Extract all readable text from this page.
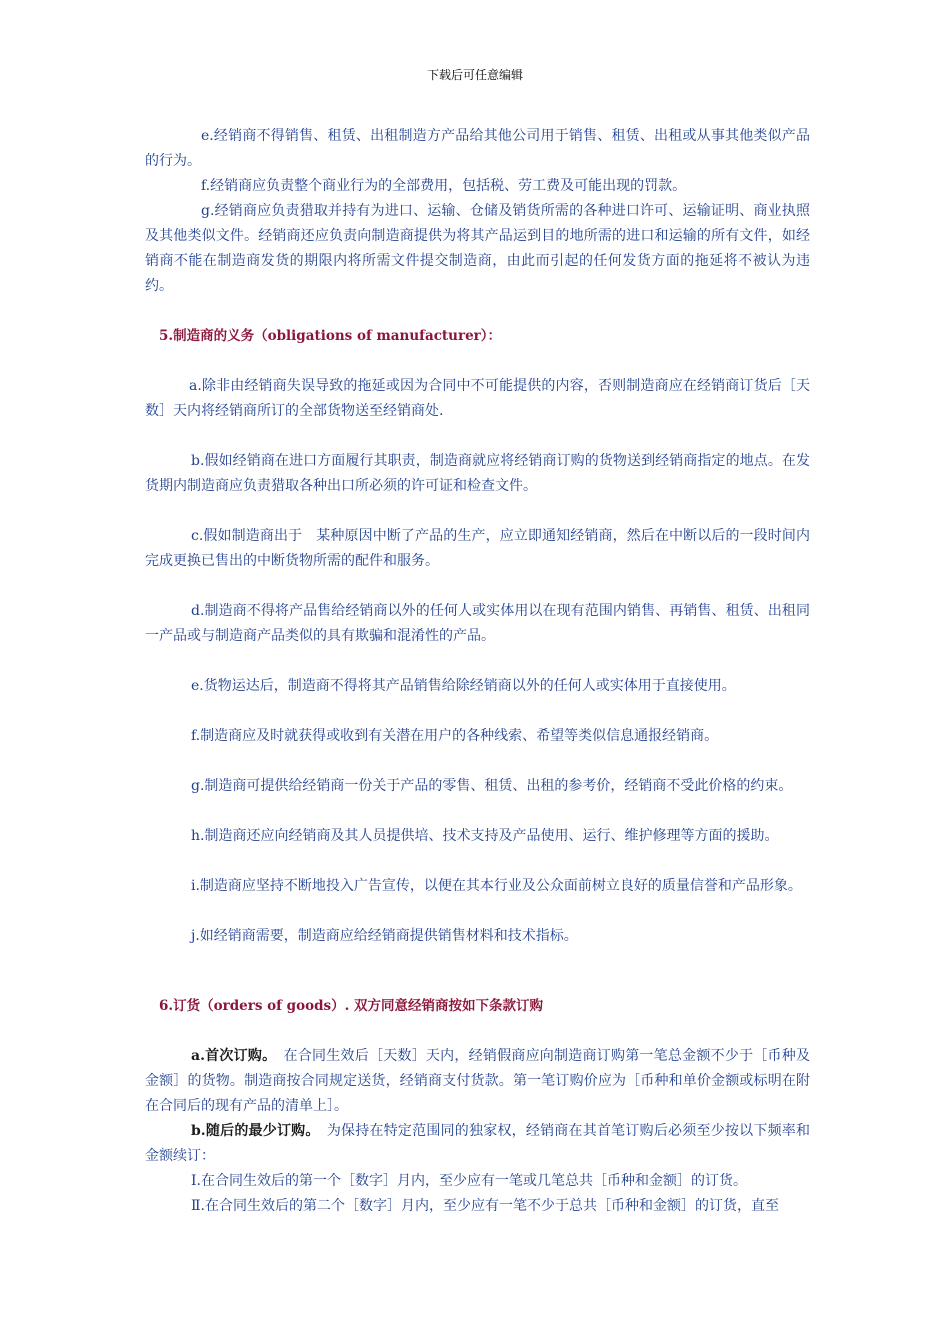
下载后可任意编辑

e.经销商不得销售、租赁、出租制造方产品给其他公司用于销售、租赁、出租或从事其他类似产品的行为。

f.经销商应负责整个商业行为的全部费用，包括税、劳工费及可能出现的罚款。

g.经销商应负责猎取并持有为进口、运输、仓储及销货所需的各种进口许可、运输证明、商业执照及其他类似文件。经销商还应负责向制造商提供为将其产品运到目的地所需的进口和运输的所有文件，如经销商不能在制造商发货的期限内将所需文件提交制造商，由此而引起的任何发货方面的拖延将不被认为违约。

5.制造商的义务（obligations of manufacturer）：

a.除非由经销商失误导致的拖延或因为合同中不可能提供的内容，否则制造商应在经销商订货后［天数］天内将经销商所订的全部货物送至经销商处.

b.假如经销商在进口方面履行其职责，制造商就应将经销商订购的货物送到经销商指定的地点。在发货期内制造商应负责猎取各种出口所必须的许可证和检查文件。

c.假如制造商出于　某种原因中断了产品的生产，应立即通知经销商，然后在中断以后的一段时间内完成更换已售出的中断货物所需的配件和服务。

d.制造商不得将产品售给经销商以外的任何人或实体用以在现有范围内销售、再销售、租赁、出租同一产品或与制造商产品类似的具有欺骗和混淆性的产品。

e.货物运达后，制造商不得将其产品销售给除经销商以外的任何人或实体用于直接使用。

f.制造商应及时就获得或收到有关潜在用户的各种线索、希望等类似信息通报经销商。

g.制造商可提供给经销商一份关于产品的零售、租赁、出租的参考价，经销商不受此价格的约束。

h.制造商还应向经销商及其人员提供培、技术支持及产品使用、运行、维护修理等方面的援助。

i.制造商应坚持不断地投入广告宣传，以便在其本行业及公众面前树立良好的质量信誉和产品形象。

j.如经销商需要，制造商应给经销商提供销售材料和技术指标。

6.订货（orders of goods）. 双方同意经销商按如下条款订购

a.首次订购。　在合同生效后［天数］天内，经销假商应向制造商订购第一笔总金额不少于［币种及金额］的货物。制造商按合同规定送货，经销商支付货款。第一笔订购价应为［币种和单价金额或标明在附在合同后的现有产品的清单上］。

b.随后的最少订购。　为保持在特定范围同的独家权，经销商在其首笔订购后必须至少按以下频率和金额续订：

Ⅰ.在合同生效后的第一个［数字］月内，至少应有一笔或几笔总共［币种和金额］的订货。

Ⅱ.在合同生效后的第二个［数字］月内，至少应有一笔不少于总共［币种和金额］的订货，直至
